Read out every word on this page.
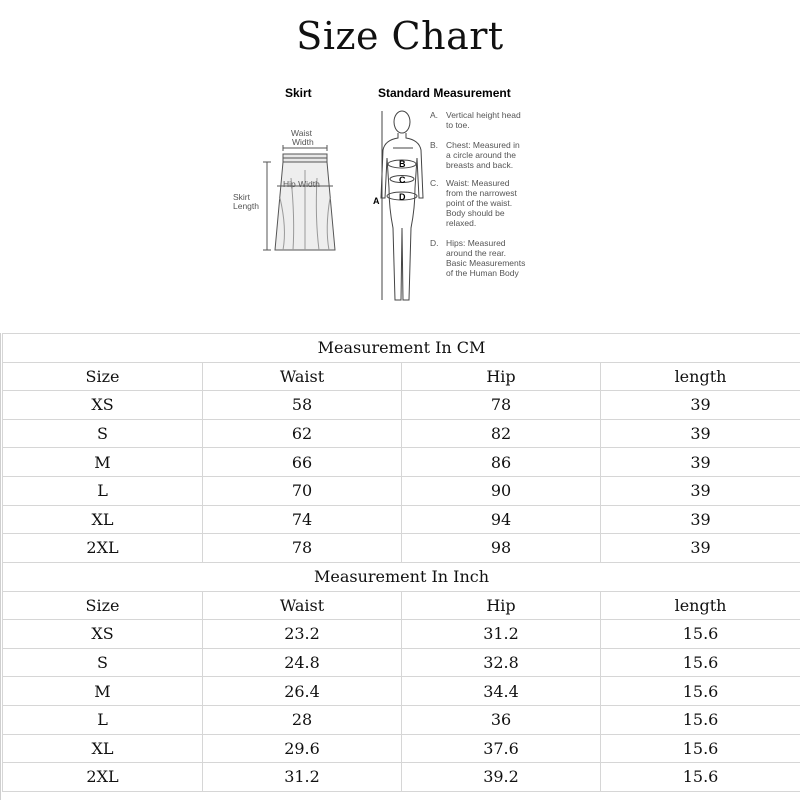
Size Chart
Skirt
Waist
Width
Hip Width
Skirt
Length
Standard Measurement
B
C
D
A
A. Vertical height head
to toe.
B. Chest: Measured in
a circle around the
breasts and back.
C. Waist: Measured
from the narrowest
point of the waist.
Body should be
relaxed.
D. Hips: Measured
around the rear.
Basic Measurements
of the Human Body
Measurement In CM			
Size	Waist	Hip	length
XS	58	78	39
S	62	82	39
M	66	86	39
L	70	90	39
XL	74	94	39
2XL	78	98	39
Measurement In Inch			
Size	Waist	Hip	length
XS	23.2	31.2	15.6
S	24.8	32.8	15.6
M	26.4	34.4	15.6
L	28	36	15.6
XL	29.6	37.6	15.6
2XL	31.2	39.2	15.6
